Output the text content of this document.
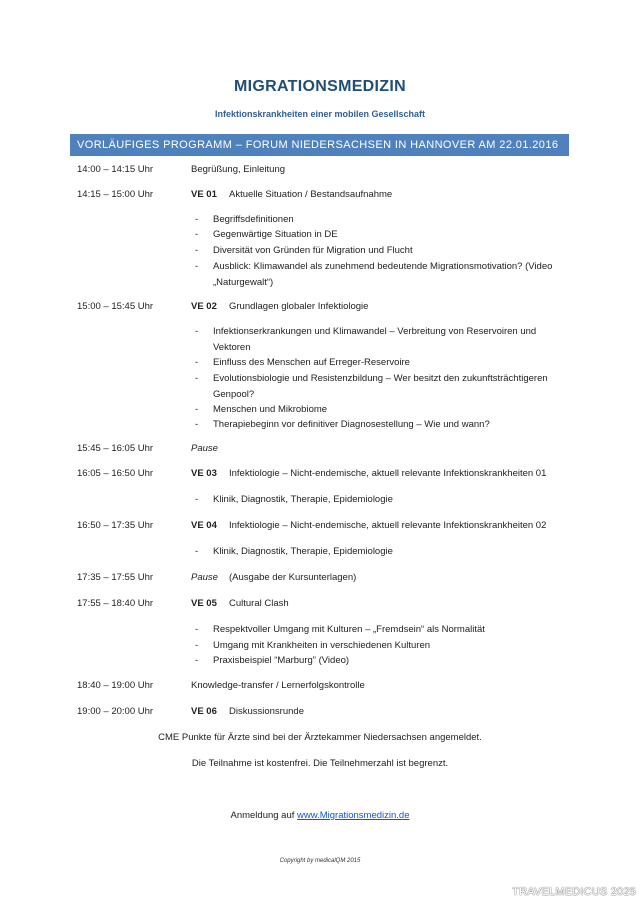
MIGRATIONSMEDIZIN
Infektionskrankheiten einer mobilen Gesellschaft
VORLÄUFIGES PROGRAMM – FORUM NIEDERSACHSEN IN HANNOVER AM 22.01.2016
14:00 – 14:15 Uhr	Begrüßung, Einleitung
14:15 – 15:00 Uhr	VE 01 Aktuelle Situation / Bestandsaufnahme
- Begriffsdefinitionen
- Gegenwärtige Situation in DE
- Diversität von Gründen für Migration und Flucht
- Ausblick: Klimawandel als zunehmend bedeutende Migrationsmotivation? (Video „Naturgewalt“)
15:00 – 15:45 Uhr	VE 02 Grundlagen globaler Infektiologie
- Infektionserkrankungen und Klimawandel – Verbreitung von Reservoiren und Vektoren
- Einfluss des Menschen auf Erreger-Reservoire
- Evolutionsbiologie und Resistenzbildung – Wer besitzt den zukunftsträchtigeren Genpool?
- Menschen und Mikrobiome
- Therapiebeginn vor definitiver Diagnosestellung – Wie und wann?
15:45 – 16:05 Uhr	Pause
16:05 – 16:50 Uhr	VE 03 Infektiologie – Nicht-endemische, aktuell relevante Infektionskrankheiten 01
- Klinik, Diagnostik, Therapie, Epidemiologie
16:50 – 17:35 Uhr	VE 04 Infektiologie – Nicht-endemische, aktuell relevante Infektionskrankheiten 02
- Klinik, Diagnostik, Therapie, Epidemiologie
17:35 – 17:55 Uhr	Pause (Ausgabe der Kursunterlagen)
17:55 – 18:40 Uhr	VE 05 Cultural Clash
- Respektvoller Umgang mit Kulturen – „Fremdsein“ als Normalität
- Umgang mit Krankheiten in verschiedenen Kulturen
- Praxisbeispiel “Marburg” (Video)
18:40 – 19:00 Uhr	Knowledge-transfer / Lernerfolgskontrolle
19:00 – 20:00 Uhr	VE 06 Diskussionsrunde
CME Punkte für Ärzte sind bei der Ärztekammer Niedersachsen angemeldet.
Die Teilnahme ist kostenfrei. Die Teilnehmerzahl ist begrenzt.
Anmeldung auf www.Migrationsmedizin.de
Copyright by medicalQM 2015
TRAVELMEDICUS 2025
